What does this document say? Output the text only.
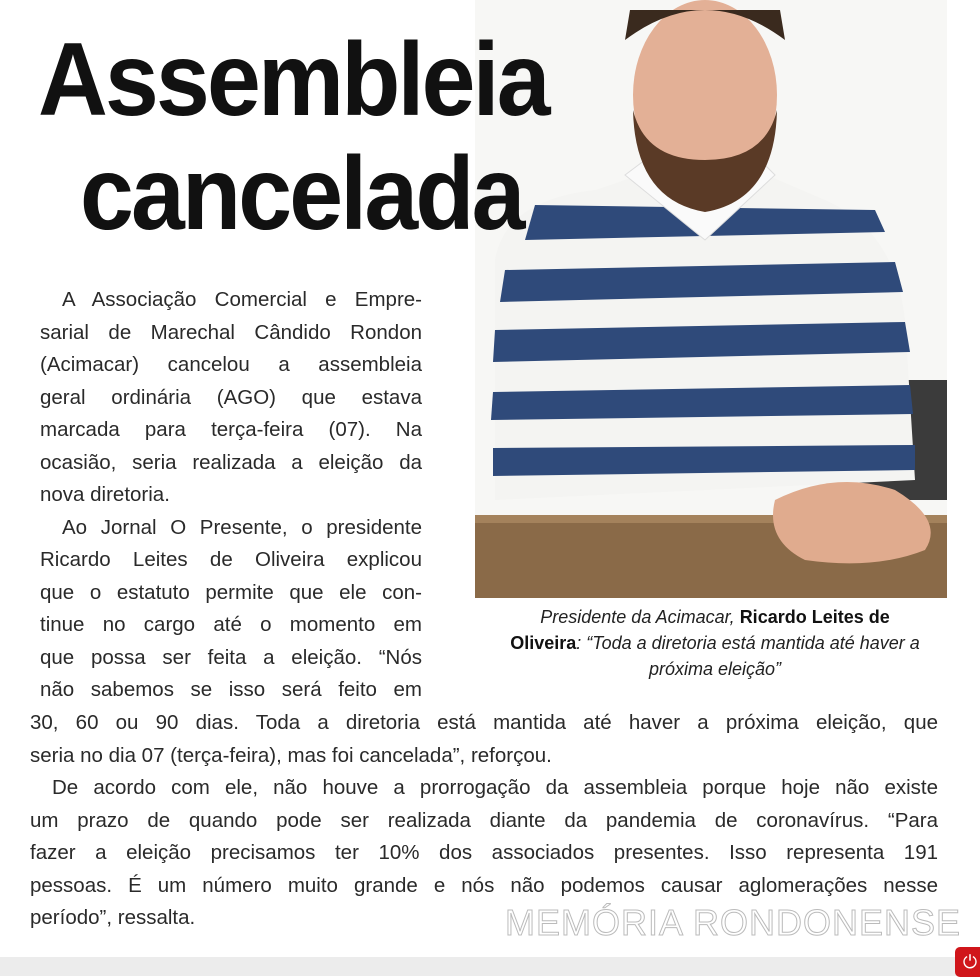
Assembleia
cancelada
A Associação Comercial e Empre-
sarial de Marechal Cândido Rondon
(Acimacar) cancelou a assembleia
geral ordinária (AGO) que estava
marcada para terça-feira (07). Na
ocasião, seria realizada a eleição da
nova diretoria.
Ao Jornal O Presente, o presidente
Ricardo Leites de Oliveira explicou
que o estatuto permite que ele con-
tinue no cargo até o momento em
que possa ser feita a eleição. “Nós
não sabemos se isso será feito em
30, 60 ou 90 dias. Toda a diretoria está mantida até haver a próxima eleição, que
seria no dia 07 (terça-feira), mas foi cancelada”, reforçou.
De acordo com ele, não houve a prorrogação da assembleia porque hoje não existe
um prazo de quando pode ser realizada diante da pandemia de coronavírus. “Para
fazer a eleição precisamos ter 10% dos associados presentes. Isso representa 191
pessoas. É um número muito grande e nós não podemos causar aglomerações nesse
período”, ressalta.
Presidente da Acimacar, Ricardo Leites de
Oliveira: “Toda a diretoria está mantida até haver a próxima eleição”
MEMÓRIA RONDONENSE
⏻
